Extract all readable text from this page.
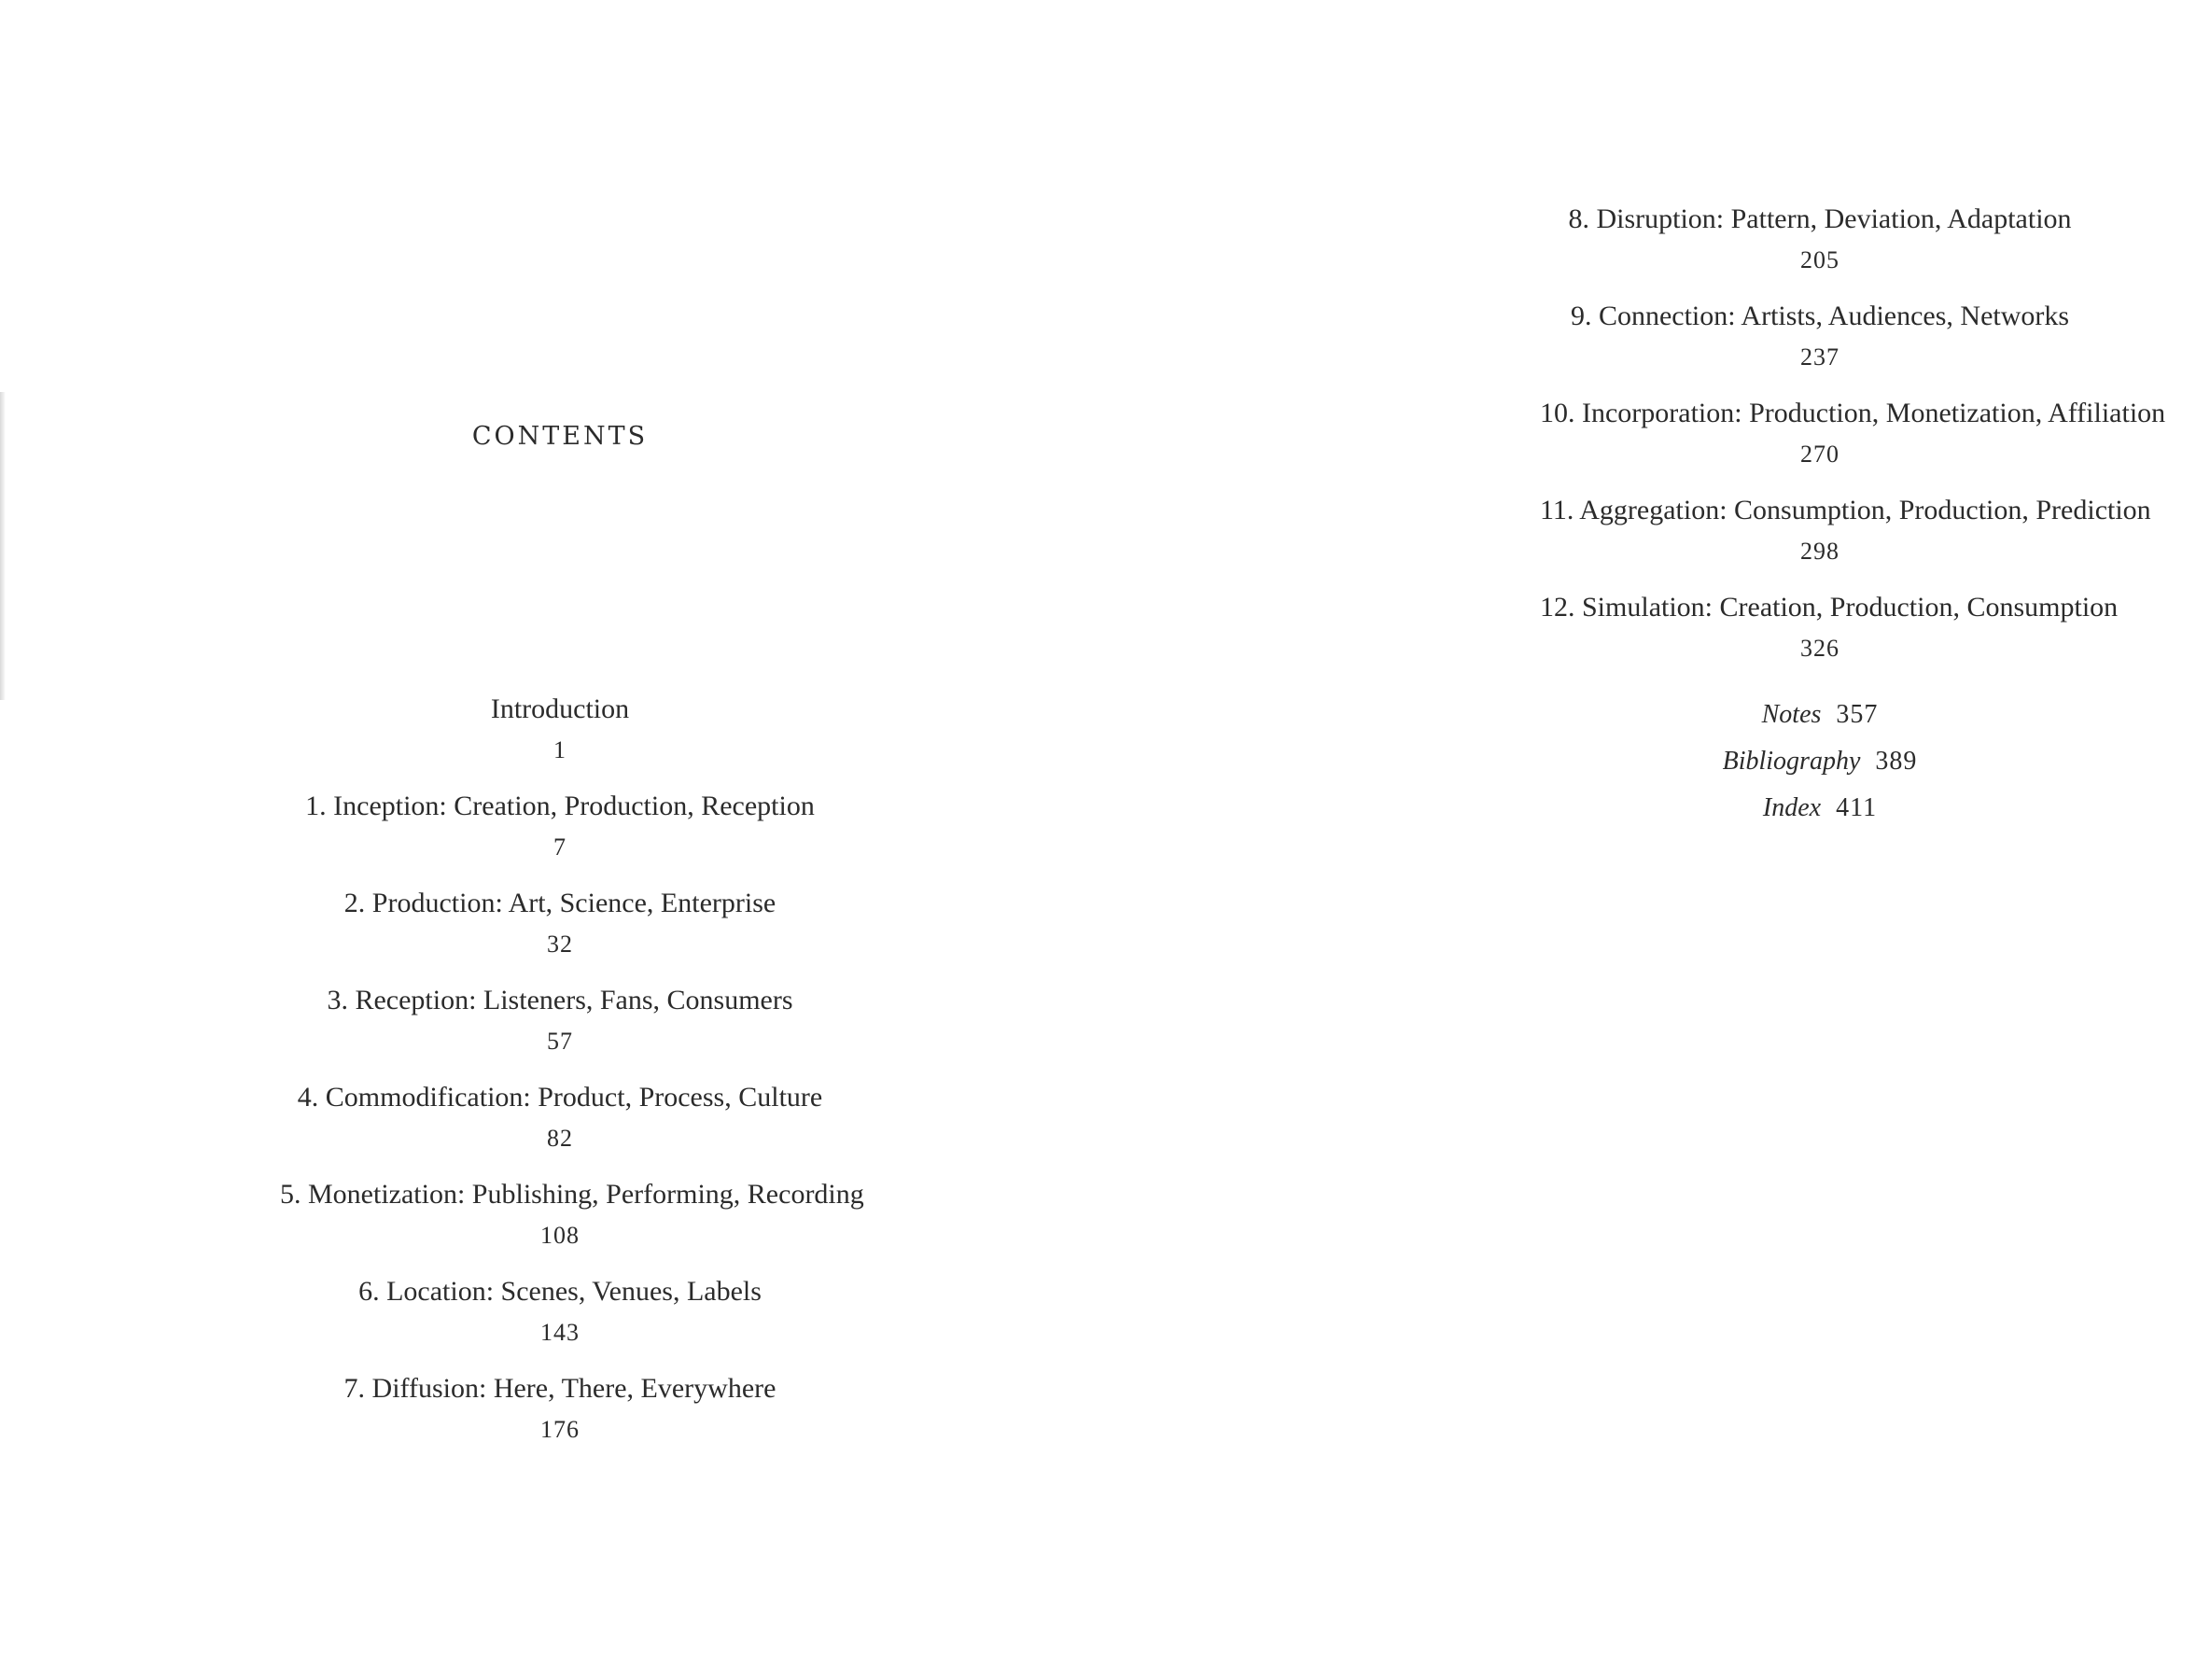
CONTENTS
Introduction
1
1. Inception: Creation, Production, Reception
7
2. Production: Art, Science, Enterprise
32
3. Reception: Listeners, Fans, Consumers
57
4. Commodification: Product, Process, Culture
82
5. Monetization: Publishing, Performing, Recording
108
6. Location: Scenes, Venues, Labels
143
7. Diffusion: Here, There, Everywhere
176
8. Disruption: Pattern, Deviation, Adaptation
205
9. Connection: Artists, Audiences, Networks
237
10. Incorporation: Production, Monetization, Affiliation
270
11. Aggregation: Consumption, Production, Prediction
298
12. Simulation: Creation, Production, Consumption
326
Notes 357
Bibliography 389
Index 411
